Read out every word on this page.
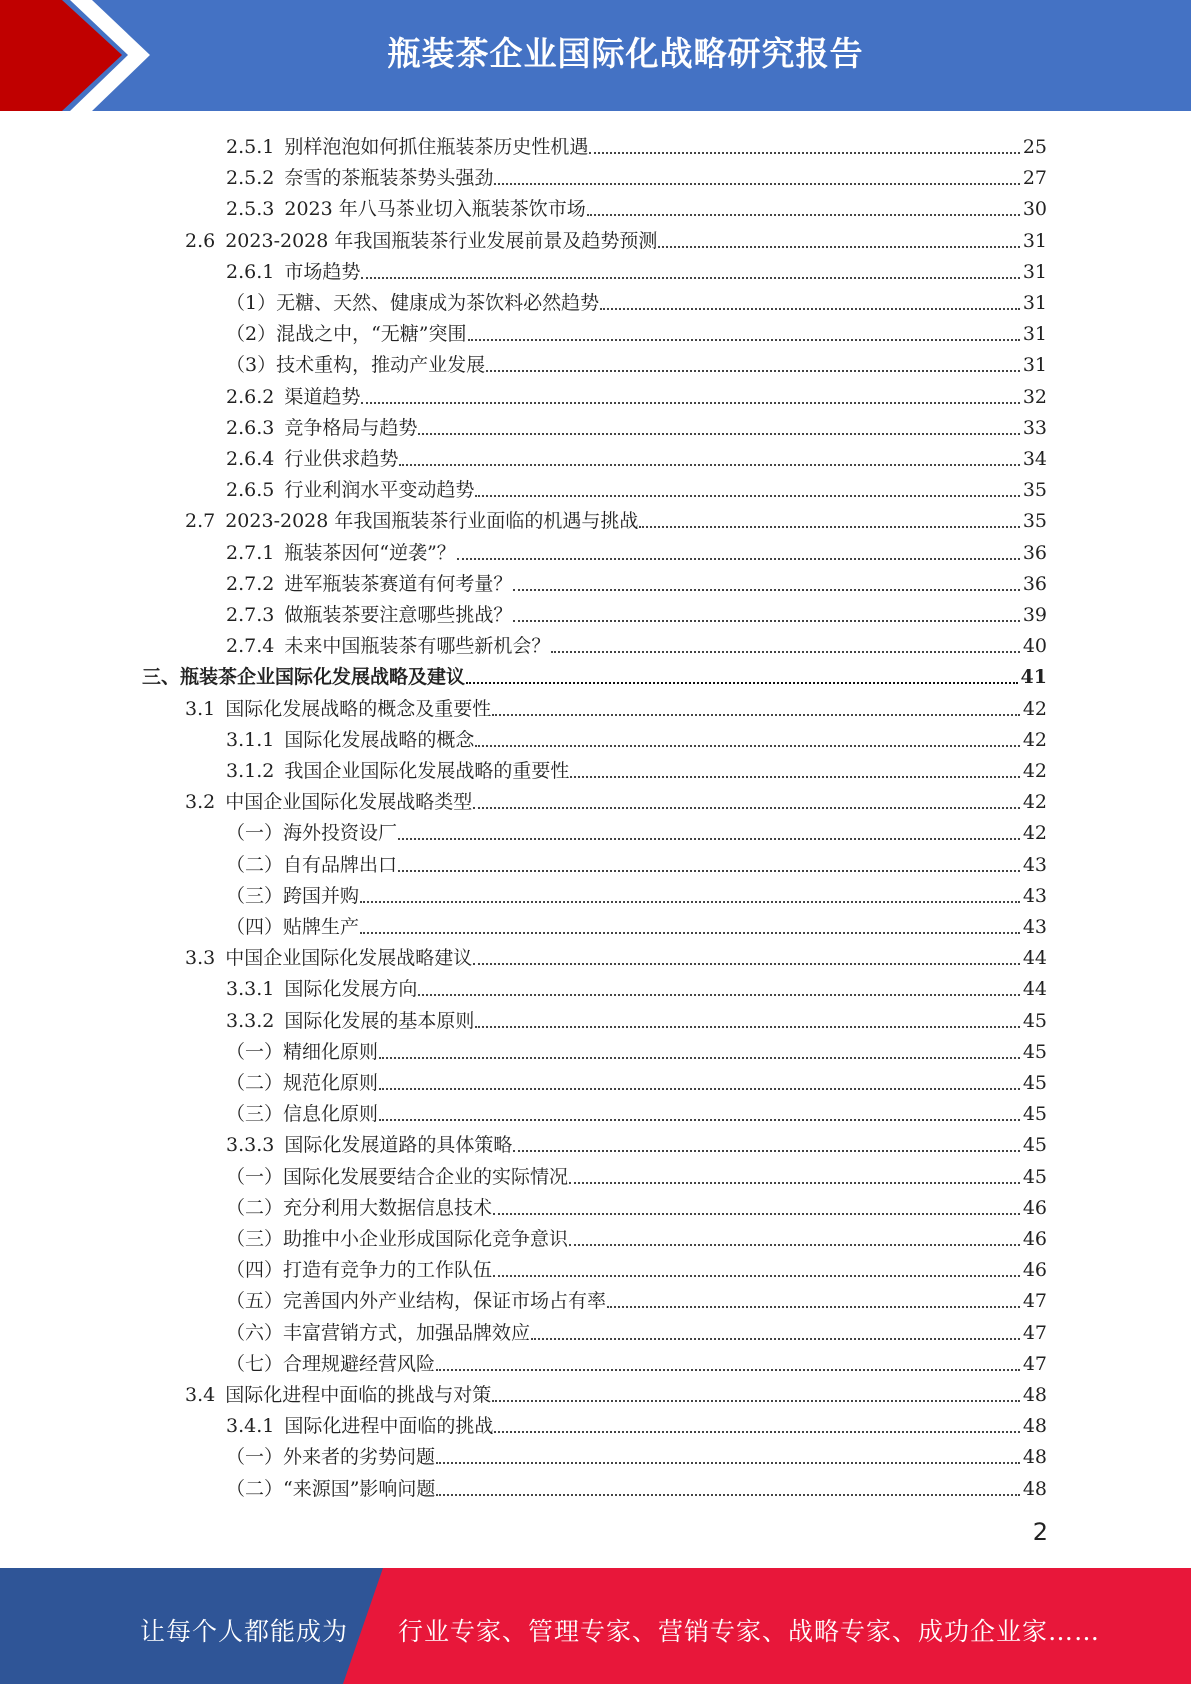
瓶装茶企业国际化战略研究报告
2.5.1 别样泡泡如何抓住瓶装茶历史性机遇	25
2.5.2 奈雪的茶瓶装茶势头强劲	27
2.5.3 2023 年八马茶业切入瓶装茶饮市场	30
2.6 2023-2028 年我国瓶装茶行业发展前景及趋势预测	31
2.6.1 市场趋势	31
（1）无糖、天然、健康成为茶饮料必然趋势	31
（2）混战之中，“无糖”突围	31
（3）技术重构，推动产业发展	31
2.6.2 渠道趋势	32
2.6.3 竞争格局与趋势	33
2.6.4 行业供求趋势	34
2.6.5 行业利润水平变动趋势	35
2.7 2023-2028 年我国瓶装茶行业面临的机遇与挑战	35
2.7.1 瓶装茶因何“逆袭”？	36
2.7.2 进军瓶装茶赛道有何考量？	36
2.7.3 做瓶装茶要注意哪些挑战？	39
2.7.4 未来中国瓶装茶有哪些新机会？	40
三、瓶装茶企业国际化发展战略及建议	41
3.1 国际化发展战略的概念及重要性	42
3.1.1 国际化发展战略的概念	42
3.1.2 我国企业国际化发展战略的重要性	42
3.2 中国企业国际化发展战略类型	42
（一）海外投资设厂	42
（二）自有品牌出口	43
（三）跨国并购	43
（四）贴牌生产	43
3.3 中国企业国际化发展战略建议	44
3.3.1 国际化发展方向	44
3.3.2 国际化发展的基本原则	45
（一）精细化原则	45
（二）规范化原则	45
（三）信息化原则	45
3.3.3 国际化发展道路的具体策略	45
（一）国际化发展要结合企业的实际情况	45
（二）充分利用大数据信息技术	46
（三）助推中小企业形成国际化竞争意识	46
（四）打造有竞争力的工作队伍	46
（五）完善国内外产业结构，保证市场占有率	47
（六）丰富营销方式，加强品牌效应	47
（七）合理规避经营风险	47
3.4 国际化进程中面临的挑战与对策	48
3.4.1 国际化进程中面临的挑战	48
（一）外来者的劣势问题	48
（二）“来源国”影响问题	48
2
让每个人都能成为 行业专家、管理专家、营销专家、战略专家、成功企业家……
